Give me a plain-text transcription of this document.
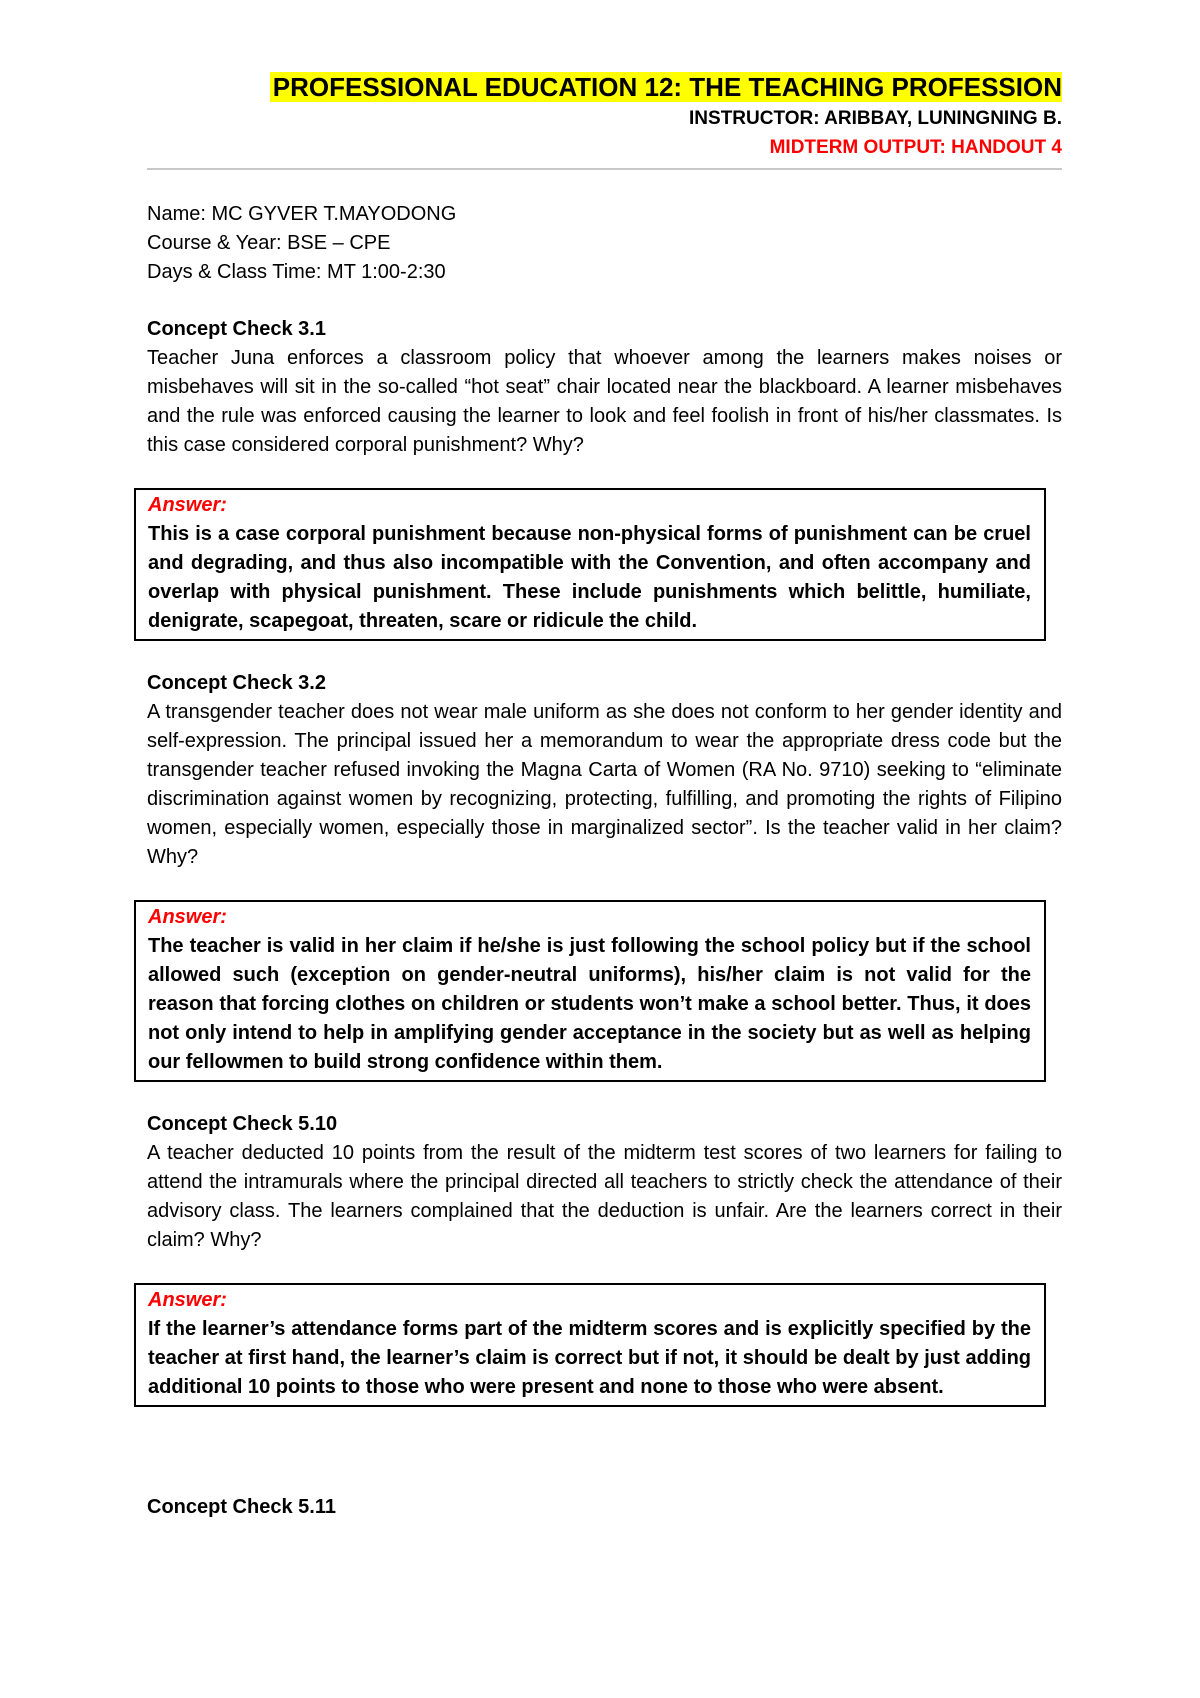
PROFESSIONAL EDUCATION 12: THE TEACHING PROFESSION
INSTRUCTOR: ARIBBAY, LUNINGNING B.
MIDTERM OUTPUT: HANDOUT 4
Name: MC GYVER T.MAYODONG
Course & Year: BSE – CPE
Days & Class Time: MT 1:00-2:30
Concept Check 3.1
Teacher Juna enforces a classroom policy that whoever among the learners makes noises or misbehaves will sit in the so-called “hot seat” chair located near the blackboard. A learner misbehaves and the rule was enforced causing the learner to look and feel foolish in front of his/her classmates. Is this case considered corporal punishment? Why?
Answer:
This is a case corporal punishment because non-physical forms of punishment can be cruel and degrading, and thus also incompatible with the Convention, and often accompany and overlap with physical punishment. These include punishments which belittle, humiliate, denigrate, scapegoat, threaten, scare or ridicule the child.
Concept Check 3.2
A transgender teacher does not wear male uniform as she does not conform to her gender identity and self-expression. The principal issued her a memorandum to wear the appropriate dress code but the transgender teacher refused invoking the Magna Carta of Women (RA No. 9710) seeking to “eliminate discrimination against women by recognizing, protecting, fulfilling, and promoting the rights of Filipino women, especially women, especially those in marginalized sector”. Is the teacher valid in her claim? Why?
Answer:
The teacher is valid in her claim if he/she is just following the school policy but if the school allowed such (exception on gender-neutral uniforms), his/her claim is not valid for the reason that forcing clothes on children or students won’t make a school better. Thus, it does not only intend to help in amplifying gender acceptance in the society but as well as helping our fellowmen to build strong confidence within them.
Concept Check 5.10
A teacher deducted 10 points from the result of the midterm test scores of two learners for failing to attend the intramurals where the principal directed all teachers to strictly check the attendance of their advisory class. The learners complained that the deduction is unfair. Are the learners correct in their claim? Why?
Answer:
If the learner’s attendance forms part of the midterm scores and is explicitly specified by the teacher at first hand, the learner’s claim is correct but if not, it should be dealt by just adding additional 10 points to those who were present and none to those who were absent.
Concept Check 5.11
